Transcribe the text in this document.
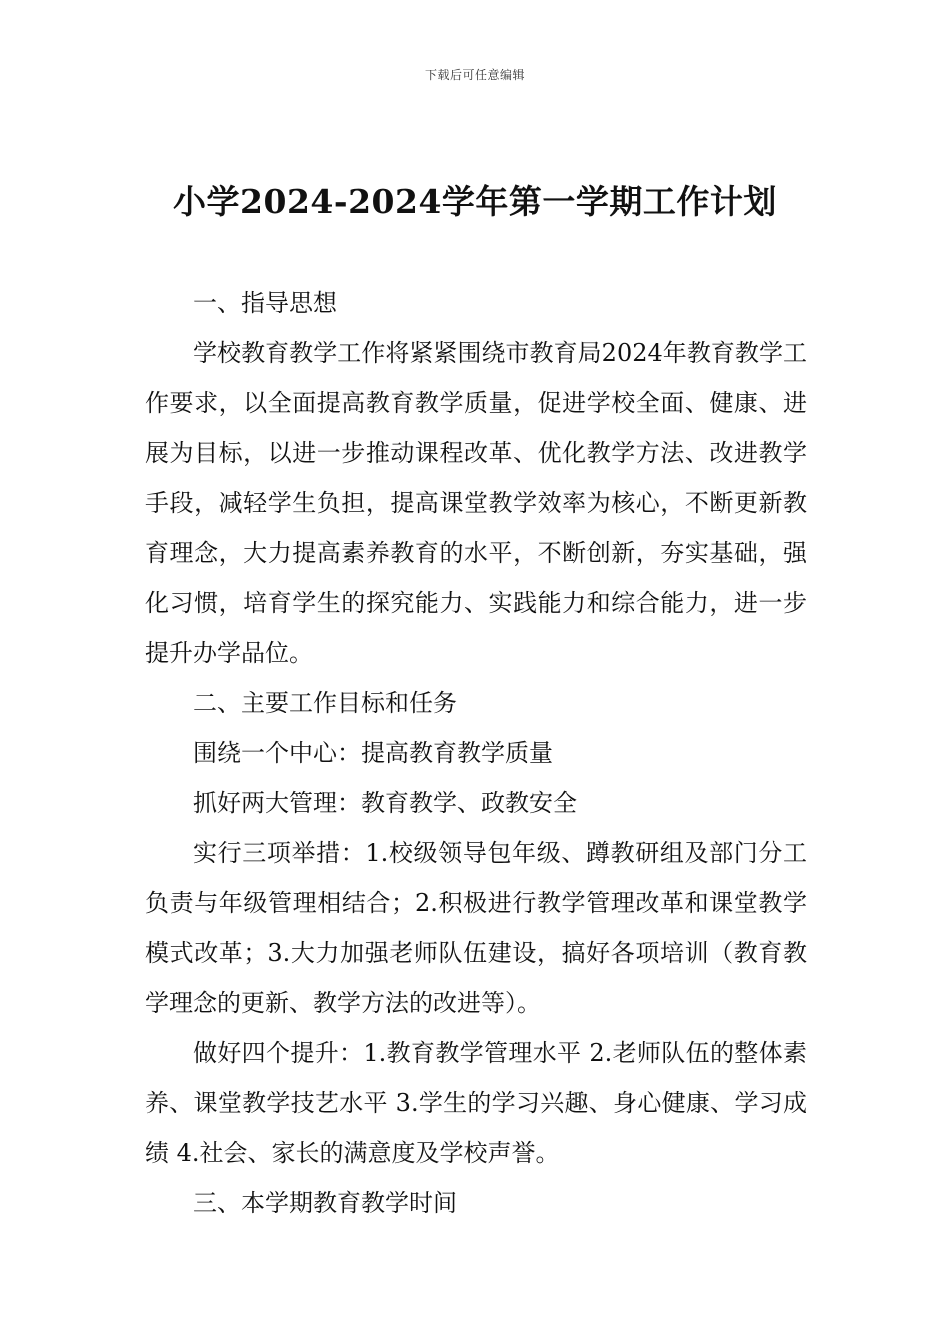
下载后可任意编辑
小学2024-2024学年第一学期工作计划

一、指导思想

学校教育教学工作将紧紧围绕市教育局2024年教育教学工作要求，以全面提高教育教学质量，促进学校全面、健康、进展为目标，以进一步推动课程改革、优化教学方法、改进教学手段，减轻学生负担，提高课堂教学效率为核心，不断更新教育理念，大力提高素养教育的水平，不断创新，夯实基础，强化习惯，培育学生的探究能力、实践能力和综合能力，进一步提升办学品位。

二、主要工作目标和任务

围绕一个中心：提高教育教学质量

抓好两大管理：教育教学、政教安全

实行三项举措：1.校级领导包年级、蹲教研组及部门分工负责与年级管理相结合；2.积极进行教学管理改革和课堂教学模式改革；3.大力加强老师队伍建设，搞好各项培训（教育教学理念的更新、教学方法的改进等）。

做好四个提升：1.教育教学管理水平 2.老师队伍的整体素养、课堂教学技艺水平 3.学生的学习兴趣、身心健康、学习成绩 4.社会、家长的满意度及学校声誉。

三、本学期教育教学时间
